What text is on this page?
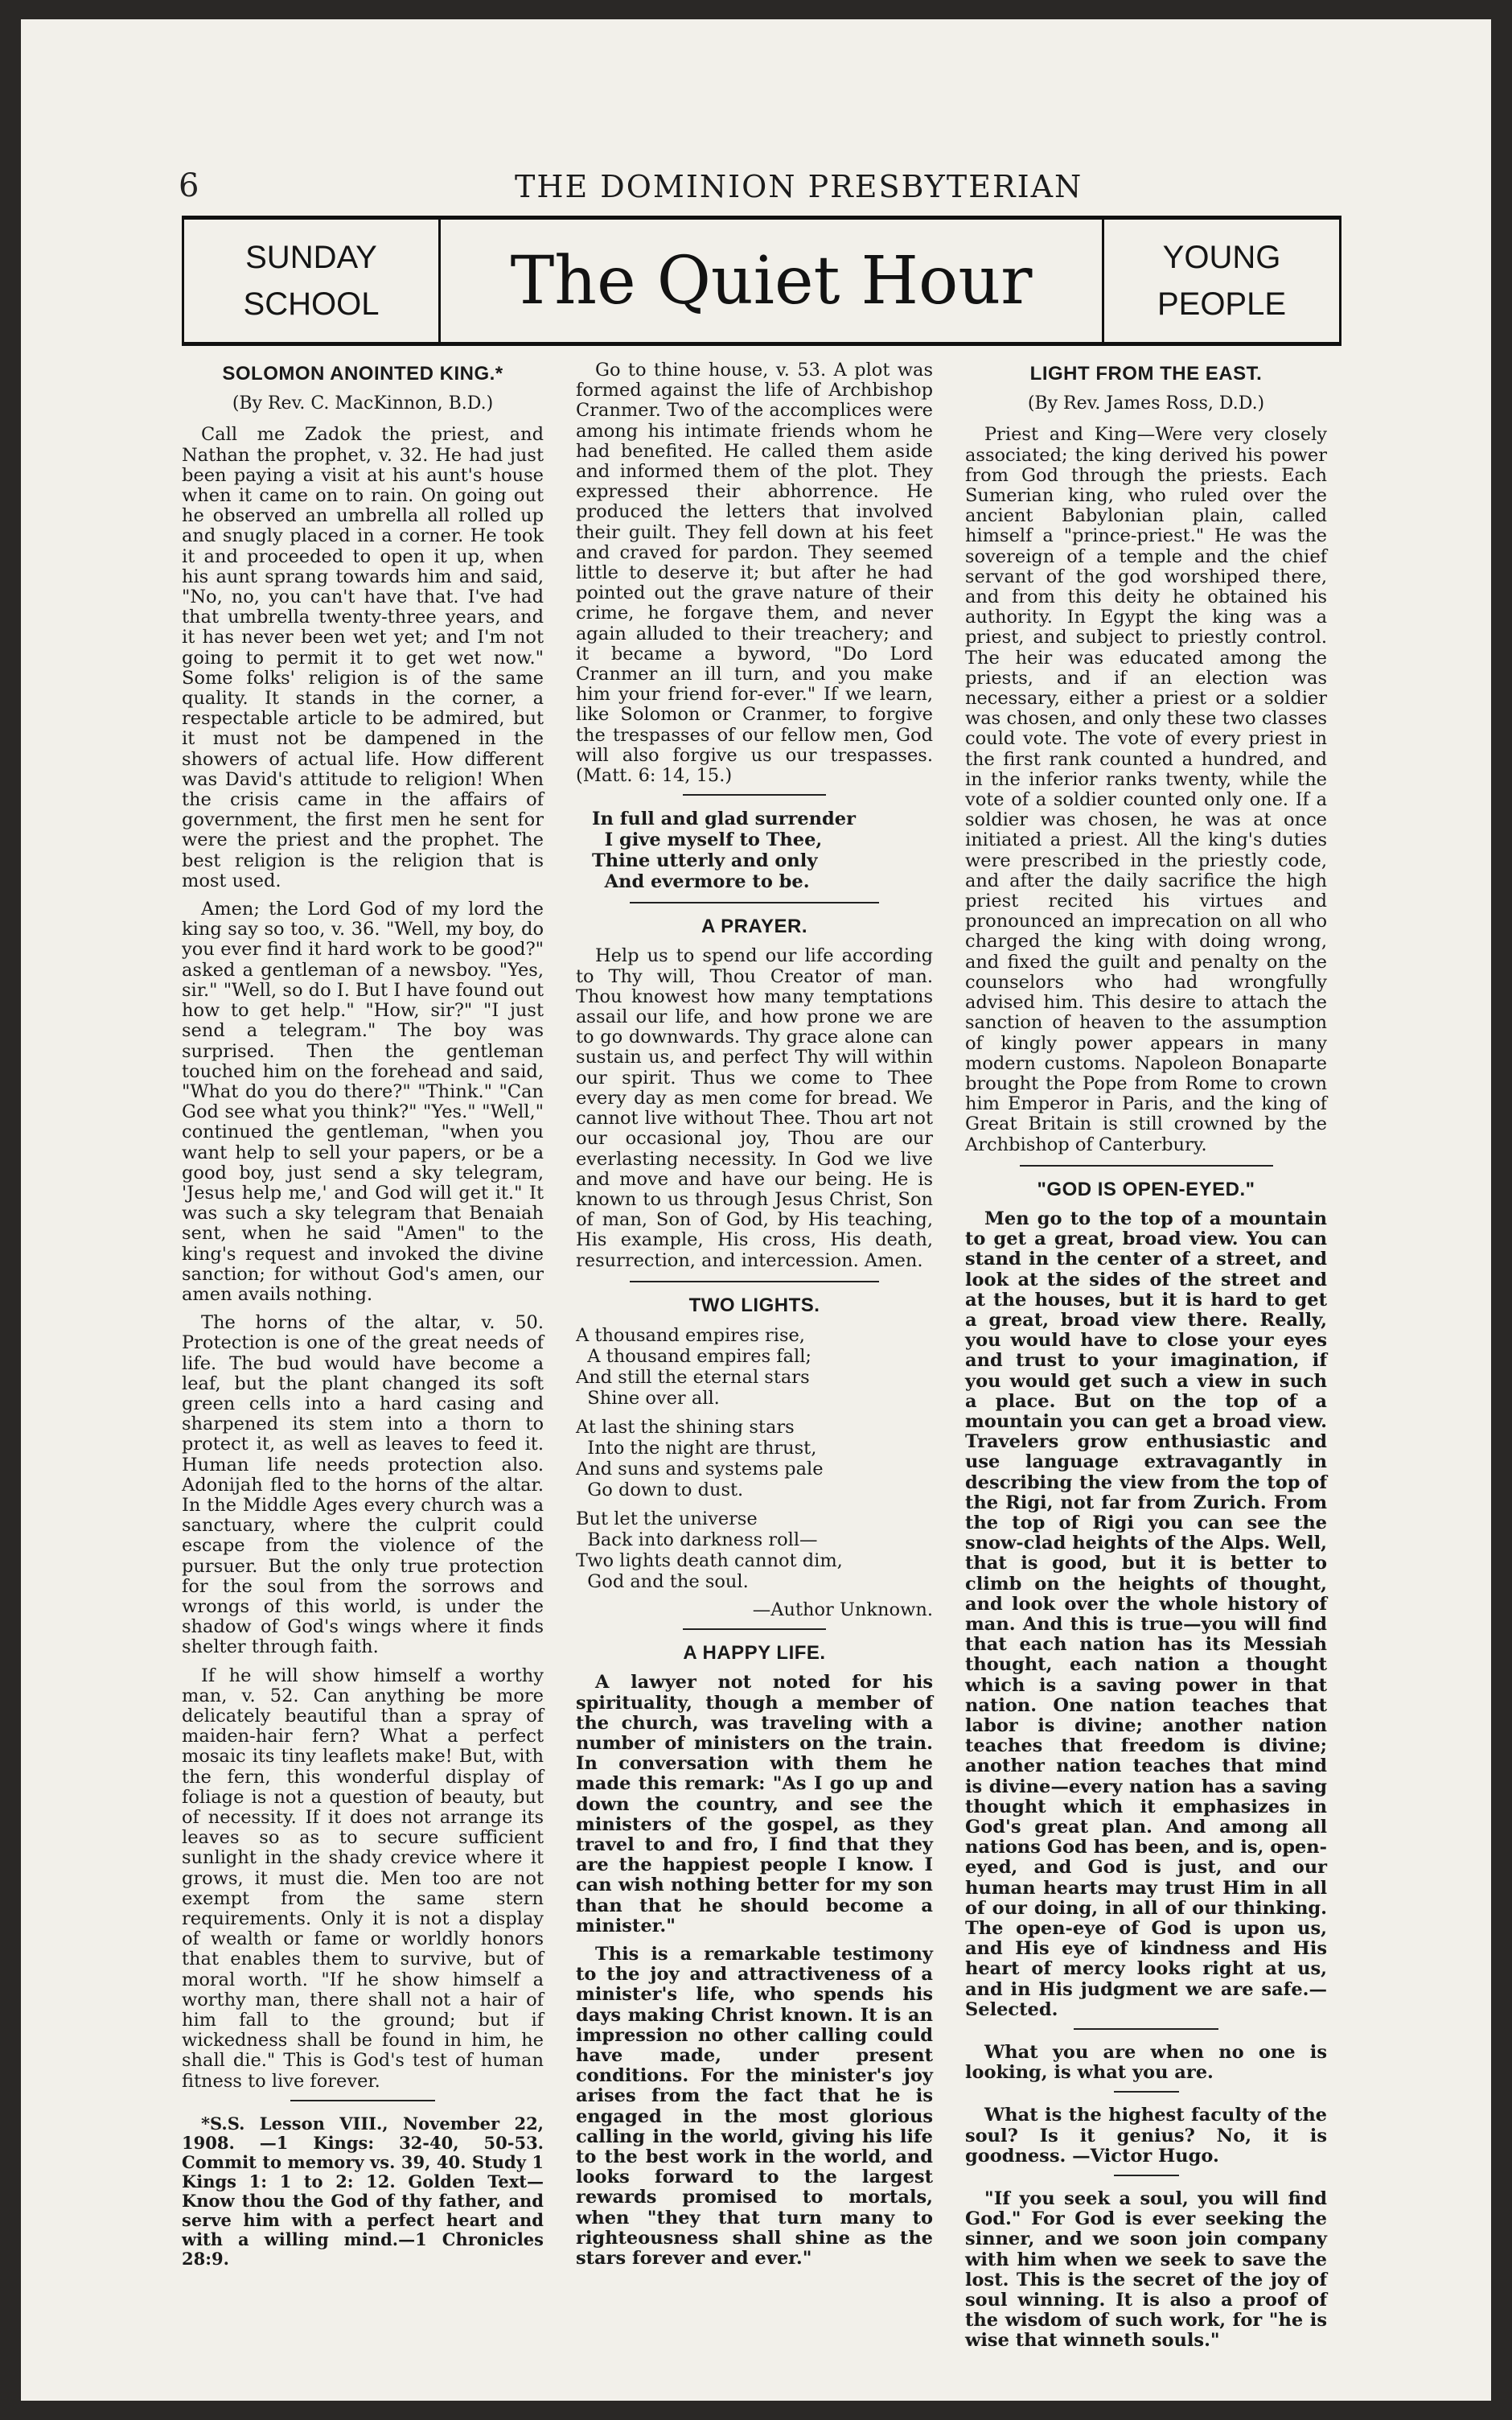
6	THE DOMINION PRESBYTERIAN
SUNDAY
SCHOOL	The Quiet Hour	YOUNG
PEOPLE
SOLOMON ANOINTED KING.*
(By Rev. C. MacKinnon, B.D.)

Call me Zadok the priest, and Nathan the prophet, v. 32. He had just been paying a visit at his aunt's house when it came on to rain. On going out he observed an umbrella all rolled up and snugly placed in a corner. He took it and proceeded to open it up, when his aunt sprang towards him and said, "No, no, you can't have that. I've had that umbrella twenty-three years, and it has never been wet yet; and I'm not going to permit it to get wet now." Some folks' religion is of the same quality. It stands in the corner, a respectable article to be admired, but it must not be dampened in the showers of actual life. How different was David's attitude to religion! When the crisis came in the affairs of government, the first men he sent for were the priest and the prophet. The best religion is the religion that is most used.

Amen; the Lord God of my lord the king say so too, v. 36. "Well, my boy, do you ever find it hard work to be good?" asked a gentleman of a newsboy. "Yes, sir." "Well, so do I. But I have found out how to get help." "How, sir?" "I just send a telegram." The boy was surprised. Then the gentleman touched him on the forehead and said, "What do you do there?" "Think." "Can God see what you think?" "Yes." "Well," continued the gentleman, "when you want help to sell your papers, or be a good boy, just send a sky telegram, 'Jesus help me,' and God will get it." It was such a sky telegram that Benaiah sent, when he said "Amen" to the king's request and invoked the divine sanction; for without God's amen, our amen avails nothing.

The horns of the altar, v. 50. Protection is one of the great needs of life. The bud would have become a leaf, but the plant changed its soft green cells into a hard casing and sharpened its stem into a thorn to protect it, as well as leaves to feed it. Human life needs protection also. Adonijah fled to the horns of the altar. In the Middle Ages every church was a sanctuary, where the culprit could escape from the violence of the pursuer. But the only true protection for the soul from the sorrows and wrongs of this world, is under the shadow of God's wings where it finds shelter through faith.

If he will show himself a worthy man, v. 52. Can anything be more delicately beautiful than a spray of maiden-hair fern? What a perfect mosaic its tiny leaflets make! But, with the fern, this wonderful display of foliage is not a question of beauty, but of necessity. If it does not arrange its leaves so as to secure sufficient sunlight in the shady crevice where it grows, it must die. Men too are not exempt from the same stern requirements. Only it is not a display of wealth or fame or worldly honors that enables them to survive, but of moral worth. "If he show himself a worthy man, there shall not a hair of him fall to the ground; but if wickedness shall be found in him, he shall die." This is God's test of human fitness to live forever.

*S.S. Lesson VIII., November 22, 1908. —1 Kings: 32-40, 50-53. Commit to memory vs. 39, 40. Study 1 Kings 1: 1 to 2: 12. Golden Text—Know thou the God of thy father, and serve him with a perfect heart and with a willing mind.—1 Chronicles 28:9.

Go to thine house, v. 53. A plot was formed against the life of Archbishop Cranmer. Two of the accomplices were among his intimate friends whom he had benefited. He called them aside and informed them of the plot. They expressed their abhorrence. He produced the letters that involved their guilt. They fell down at his feet and craved for pardon. They seemed little to deserve it; but after he had pointed out the grave nature of their crime, he forgave them, and never again alluded to their treachery; and it became a byword, "Do Lord Cranmer an ill turn, and you make him your friend for-ever." If we learn, like Solomon or Cranmer, to forgive the trespasses of our fellow men, God will also forgive us our trespasses. (Matt. 6: 14, 15.)

In full and glad surrender
I give myself to Thee,
Thine utterly and only
And evermore to be.
A PRAYER.

Help us to spend our life according to Thy will, Thou Creator of man. Thou knowest how many temptations assail our life, and how prone we are to go downwards. Thy grace alone can sustain us, and perfect Thy will within our spirit. Thus we come to Thee every day as men come for bread. We cannot live without Thee. Thou art not our occasional joy, Thou are our everlasting necessity. In God we live and move and have our being. He is known to us through Jesus Christ, Son of man, Son of God, by His teaching, His example, His cross, His death, resurrection, and intercession. Amen.

TWO LIGHTS.
A thousand empires rise,
A thousand empires fall;
And still the eternal stars
Shine over all.
At last the shining stars
Into the night are thrust,
And suns and systems pale
Go down to dust.
But let the universe
Back into darkness roll—
Two lights death cannot dim,
God and the soul.
—Author Unknown.
A HAPPY LIFE.

A lawyer not noted for his spirituality, though a member of the church, was traveling with a number of ministers on the train. In conversation with them he made this remark: "As I go up and down the country, and see the ministers of the gospel, as they travel to and fro, I find that they are the happiest people I know. I can wish nothing better for my son than that he should become a minister."

This is a remarkable testimony to the joy and attractiveness of a minister's life, who spends his days making Christ known. It is an impression no other calling could have made, under present conditions. For the minister's joy arises from the fact that he is engaged in the most glorious calling in the world, giving his life to the best work in the world, and looks forward to the largest rewards promised to mortals, when "they that turn many to righteousness shall shine as the stars forever and ever."

LIGHT FROM THE EAST.
(By Rev. James Ross, D.D.)

Priest and King—Were very closely associated; the king derived his power from God through the priests. Each Sumerian king, who ruled over the ancient Babylonian plain, called himself a "prince-priest." He was the sovereign of a temple and the chief servant of the god worshiped there, and from this deity he obtained his authority. In Egypt the king was a priest, and subject to priestly control. The heir was educated among the priests, and if an election was necessary, either a priest or a soldier was chosen, and only these two classes could vote. The vote of every priest in the first rank counted a hundred, and in the inferior ranks twenty, while the vote of a soldier counted only one. If a soldier was chosen, he was at once initiated a priest. All the king's duties were prescribed in the priestly code, and after the daily sacrifice the high priest recited his virtues and pronounced an imprecation on all who charged the king with doing wrong, and fixed the guilt and penalty on the counselors who had wrongfully advised him. This desire to attach the sanction of heaven to the assumption of kingly power appears in many modern customs. Napoleon Bonaparte brought the Pope from Rome to crown him Emperor in Paris, and the king of Great Britain is still crowned by the Archbishop of Canterbury.

"GOD IS OPEN-EYED."

Men go to the top of a mountain to get a great, broad view. You can stand in the center of a street, and look at the sides of the street and at the houses, but it is hard to get a great, broad view there. Really, you would have to close your eyes and trust to your imagination, if you would get such a view in such a place. But on the top of a mountain you can get a broad view. Travelers grow enthusiastic and use language extravagantly in describing the view from the top of the Rigi, not far from Zurich. From the top of Rigi you can see the snow-clad heights of the Alps. Well, that is good, but it is better to climb on the heights of thought, and look over the whole history of man. And this is true—you will find that each nation has its Messiah thought, each nation a thought which is a saving power in that nation. One nation teaches that labor is divine; another nation teaches that freedom is divine; another nation teaches that mind is divine—every nation has a saving thought which it emphasizes in God's great plan. And among all nations God has been, and is, open-eyed, and God is just, and our human hearts may trust Him in all of our doing, in all of our thinking. The open-eye of God is upon us, and His eye of kindness and His heart of mercy looks right at us, and in His judgment we are safe.—Selected.

What you are when no one is looking, is what you are.

What is the highest faculty of the soul? Is it genius? No, it is goodness. —Victor Hugo.

"If you seek a soul, you will find God." For God is ever seeking the sinner, and we soon join company with him when we seek to save the lost. This is the secret of the joy of soul winning. It is also a proof of the wisdom of such work, for "he is wise that winneth souls."
